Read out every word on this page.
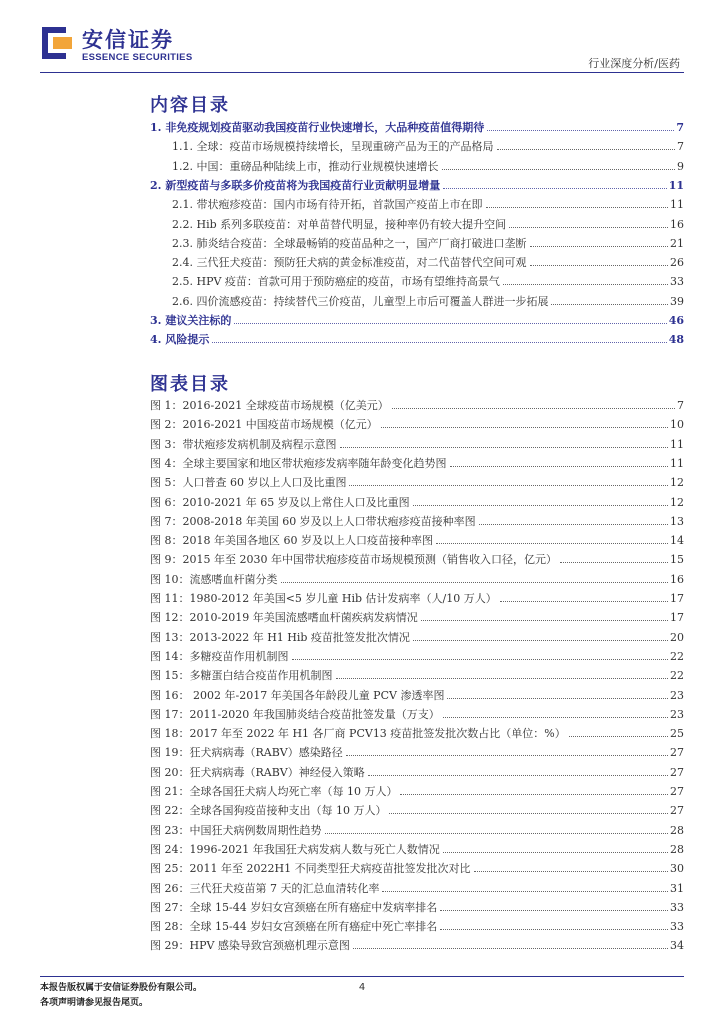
安信证券
ESSENCE SECURITIES	行业深度分析/医药
内容目录
1. 非免疫规划疫苗驱动我国疫苗行业快速增长，大品种疫苗值得期待	7
1.1. 全球：疫苗市场规模持续增长，呈现重磅产品为王的产品格局	7
1.2. 中国：重磅品种陆续上市，推动行业规模快速增长	9
2. 新型疫苗与多联多价疫苗将为我国疫苗行业贡献明显增量	11
2.1. 带状疱疹疫苗：国内市场有待开拓，首款国产疫苗上市在即	11
2.2. Hib 系列多联疫苗：对单苗替代明显，接种率仍有较大提升空间	16
2.3. 肺炎结合疫苗：全球最畅销的疫苗品种之一，国产厂商打破进口垄断	21
2.4. 三代狂犬疫苗：预防狂犬病的黄金标准疫苗，对二代苗替代空间可观	26
2.5. HPV 疫苗：首款可用于预防癌症的疫苗，市场有望维持高景气	33
2.6. 四价流感疫苗：持续替代三价疫苗，儿童型上市后可覆盖人群进一步拓展	39
3. 建议关注标的	46
4. 风险提示	48
图表目录
图 1：2016-2021 全球疫苗市场规模（亿美元）	7
图 2：2016-2021 中国疫苗市场规模（亿元）	10
图 3：带状疱疹发病机制及病程示意图	11
图 4：全球主要国家和地区带状疱疹发病率随年龄变化趋势图	11
图 5：人口普查 60 岁以上人口及比重图	12
图 6：2010-2021 年 65 岁及以上常住人口及比重图	12
图 7：2008-2018 年美国 60 岁及以上人口带状疱疹疫苗接种率图	13
图 8：2018 年美国各地区 60 岁及以上人口疫苗接种率图	14
图 9：2015 年至 2030 年中国带状疱疹疫苗市场规模预测（销售收入口径，亿元）	15
图 10：流感嗜血杆菌分类	16
图 11：1980-2012 年美国<5 岁儿童 Hib 估计发病率（人/10 万人）	17
图 12：2010-2019 年美国流感嗜血杆菌疾病发病情况	17
图 13：2013-2022 年 H1 Hib 疫苗批签发批次情况	20
图 14：多糖疫苗作用机制图	22
图 15：多糖蛋白结合疫苗作用机制图	22
图 16： 2002 年-2017 年美国各年龄段儿童 PCV 渗透率图	23
图 17：2011-2020 年我国肺炎结合疫苗批签发量（万支）	23
图 18：2017 年至 2022 年 H1 各厂商 PCV13 疫苗批签发批次数占比（单位：%）	25
图 19：狂犬病病毒（RABV）感染路径	27
图 20：狂犬病病毒（RABV）神经侵入策略	27
图 21：全球各国狂犬病人均死亡率（每 10 万人）	27
图 22：全球各国狗疫苗接种支出（每 10 万人）	27
图 23：中国狂犬病例数周期性趋势	28
图 24：1996-2021 年我国狂犬病发病人数与死亡人数情况	28
图 25：2011 年至 2022H1 不同类型狂犬病疫苗批签发批次对比	30
图 26：三代狂犬疫苗第 7 天的汇总血清转化率	31
图 27：全球 15-44 岁妇女宫颈癌在所有癌症中发病率排名	33
图 28：全球 15-44 岁妇女宫颈癌在所有癌症中死亡率排名	33
图 29：HPV 感染导致宫颈癌机理示意图	34
本报告版权属于安信证券股份有限公司。
各项声明请参见报告尾页。
4
